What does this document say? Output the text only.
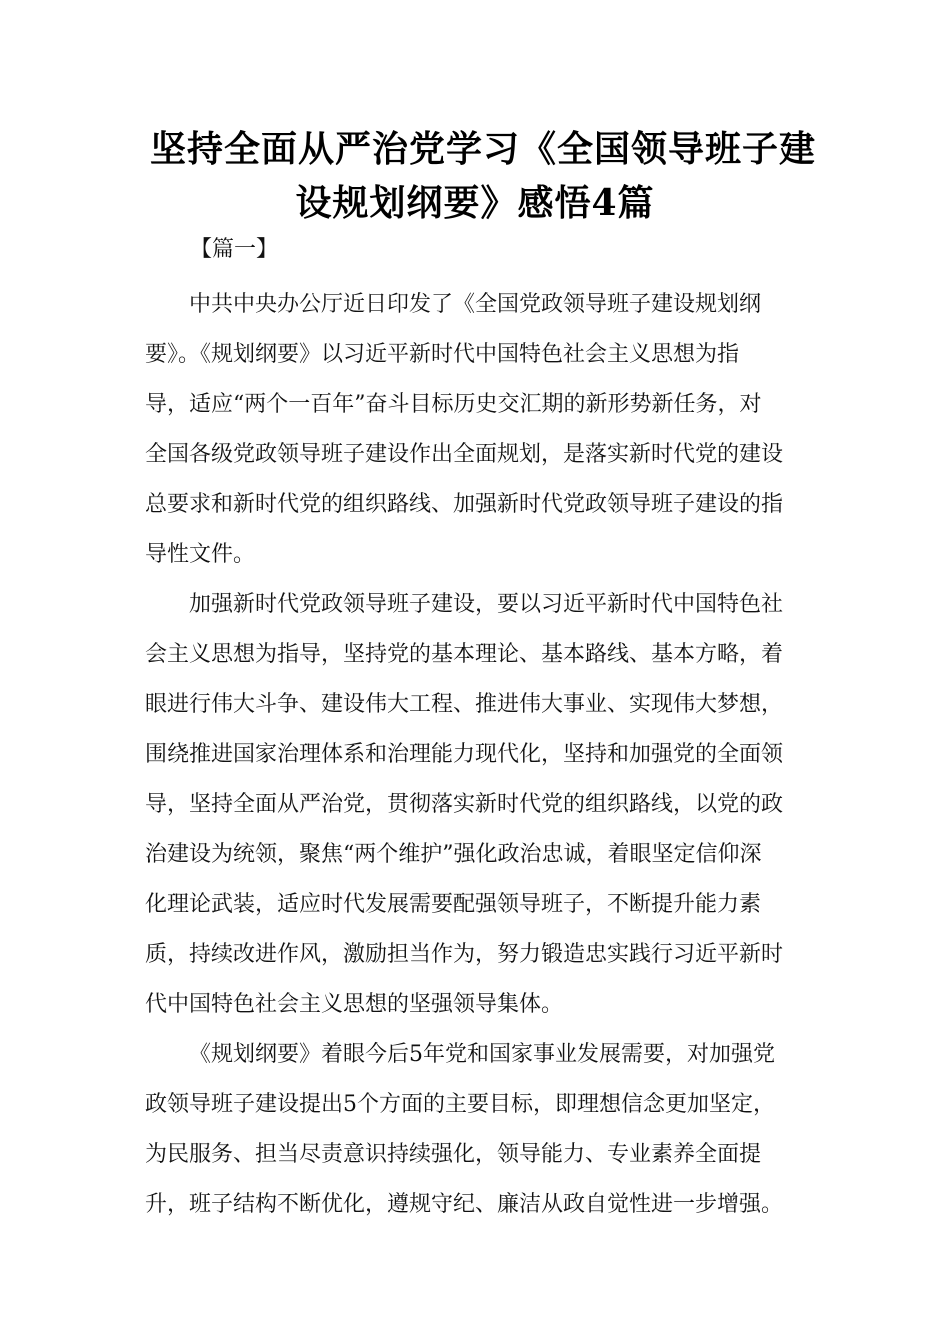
坚持全面从严治党学习《全国领导班子建
设规划纲要》感悟4篇
【篇一】

中共中央办公厅近日印发了《全国党政领导班子建设规划纲
要》。《规划纲要》以习近平新时代中国特色社会主义思想为指
导，适应“两个一百年”奋斗目标历史交汇期的新形势新任务，对
全国各级党政领导班子建设作出全面规划，是落实新时代党的建设
总要求和新时代党的组织路线、加强新时代党政领导班子建设的指
导性文件。

加强新时代党政领导班子建设，要以习近平新时代中国特色社
会主义思想为指导，坚持党的基本理论、基本路线、基本方略，着
眼进行伟大斗争、建设伟大工程、推进伟大事业、实现伟大梦想，
围绕推进国家治理体系和治理能力现代化，坚持和加强党的全面领
导，坚持全面从严治党，贯彻落实新时代党的组织路线，以党的政
治建设为统领，聚焦“两个维护”强化政治忠诚，着眼坚定信仰深
化理论武装，适应时代发展需要配强领导班子，不断提升能力素
质，持续改进作风，激励担当作为，努力锻造忠实践行习近平新时
代中国特色社会主义思想的坚强领导集体。

《规划纲要》着眼今后5年党和国家事业发展需要，对加强党
政领导班子建设提出5个方面的主要目标，即理想信念更加坚定，
为民服务、担当尽责意识持续强化，领导能力、专业素养全面提
升，班子结构不断优化，遵规守纪、廉洁从政自觉性进一步增强。
